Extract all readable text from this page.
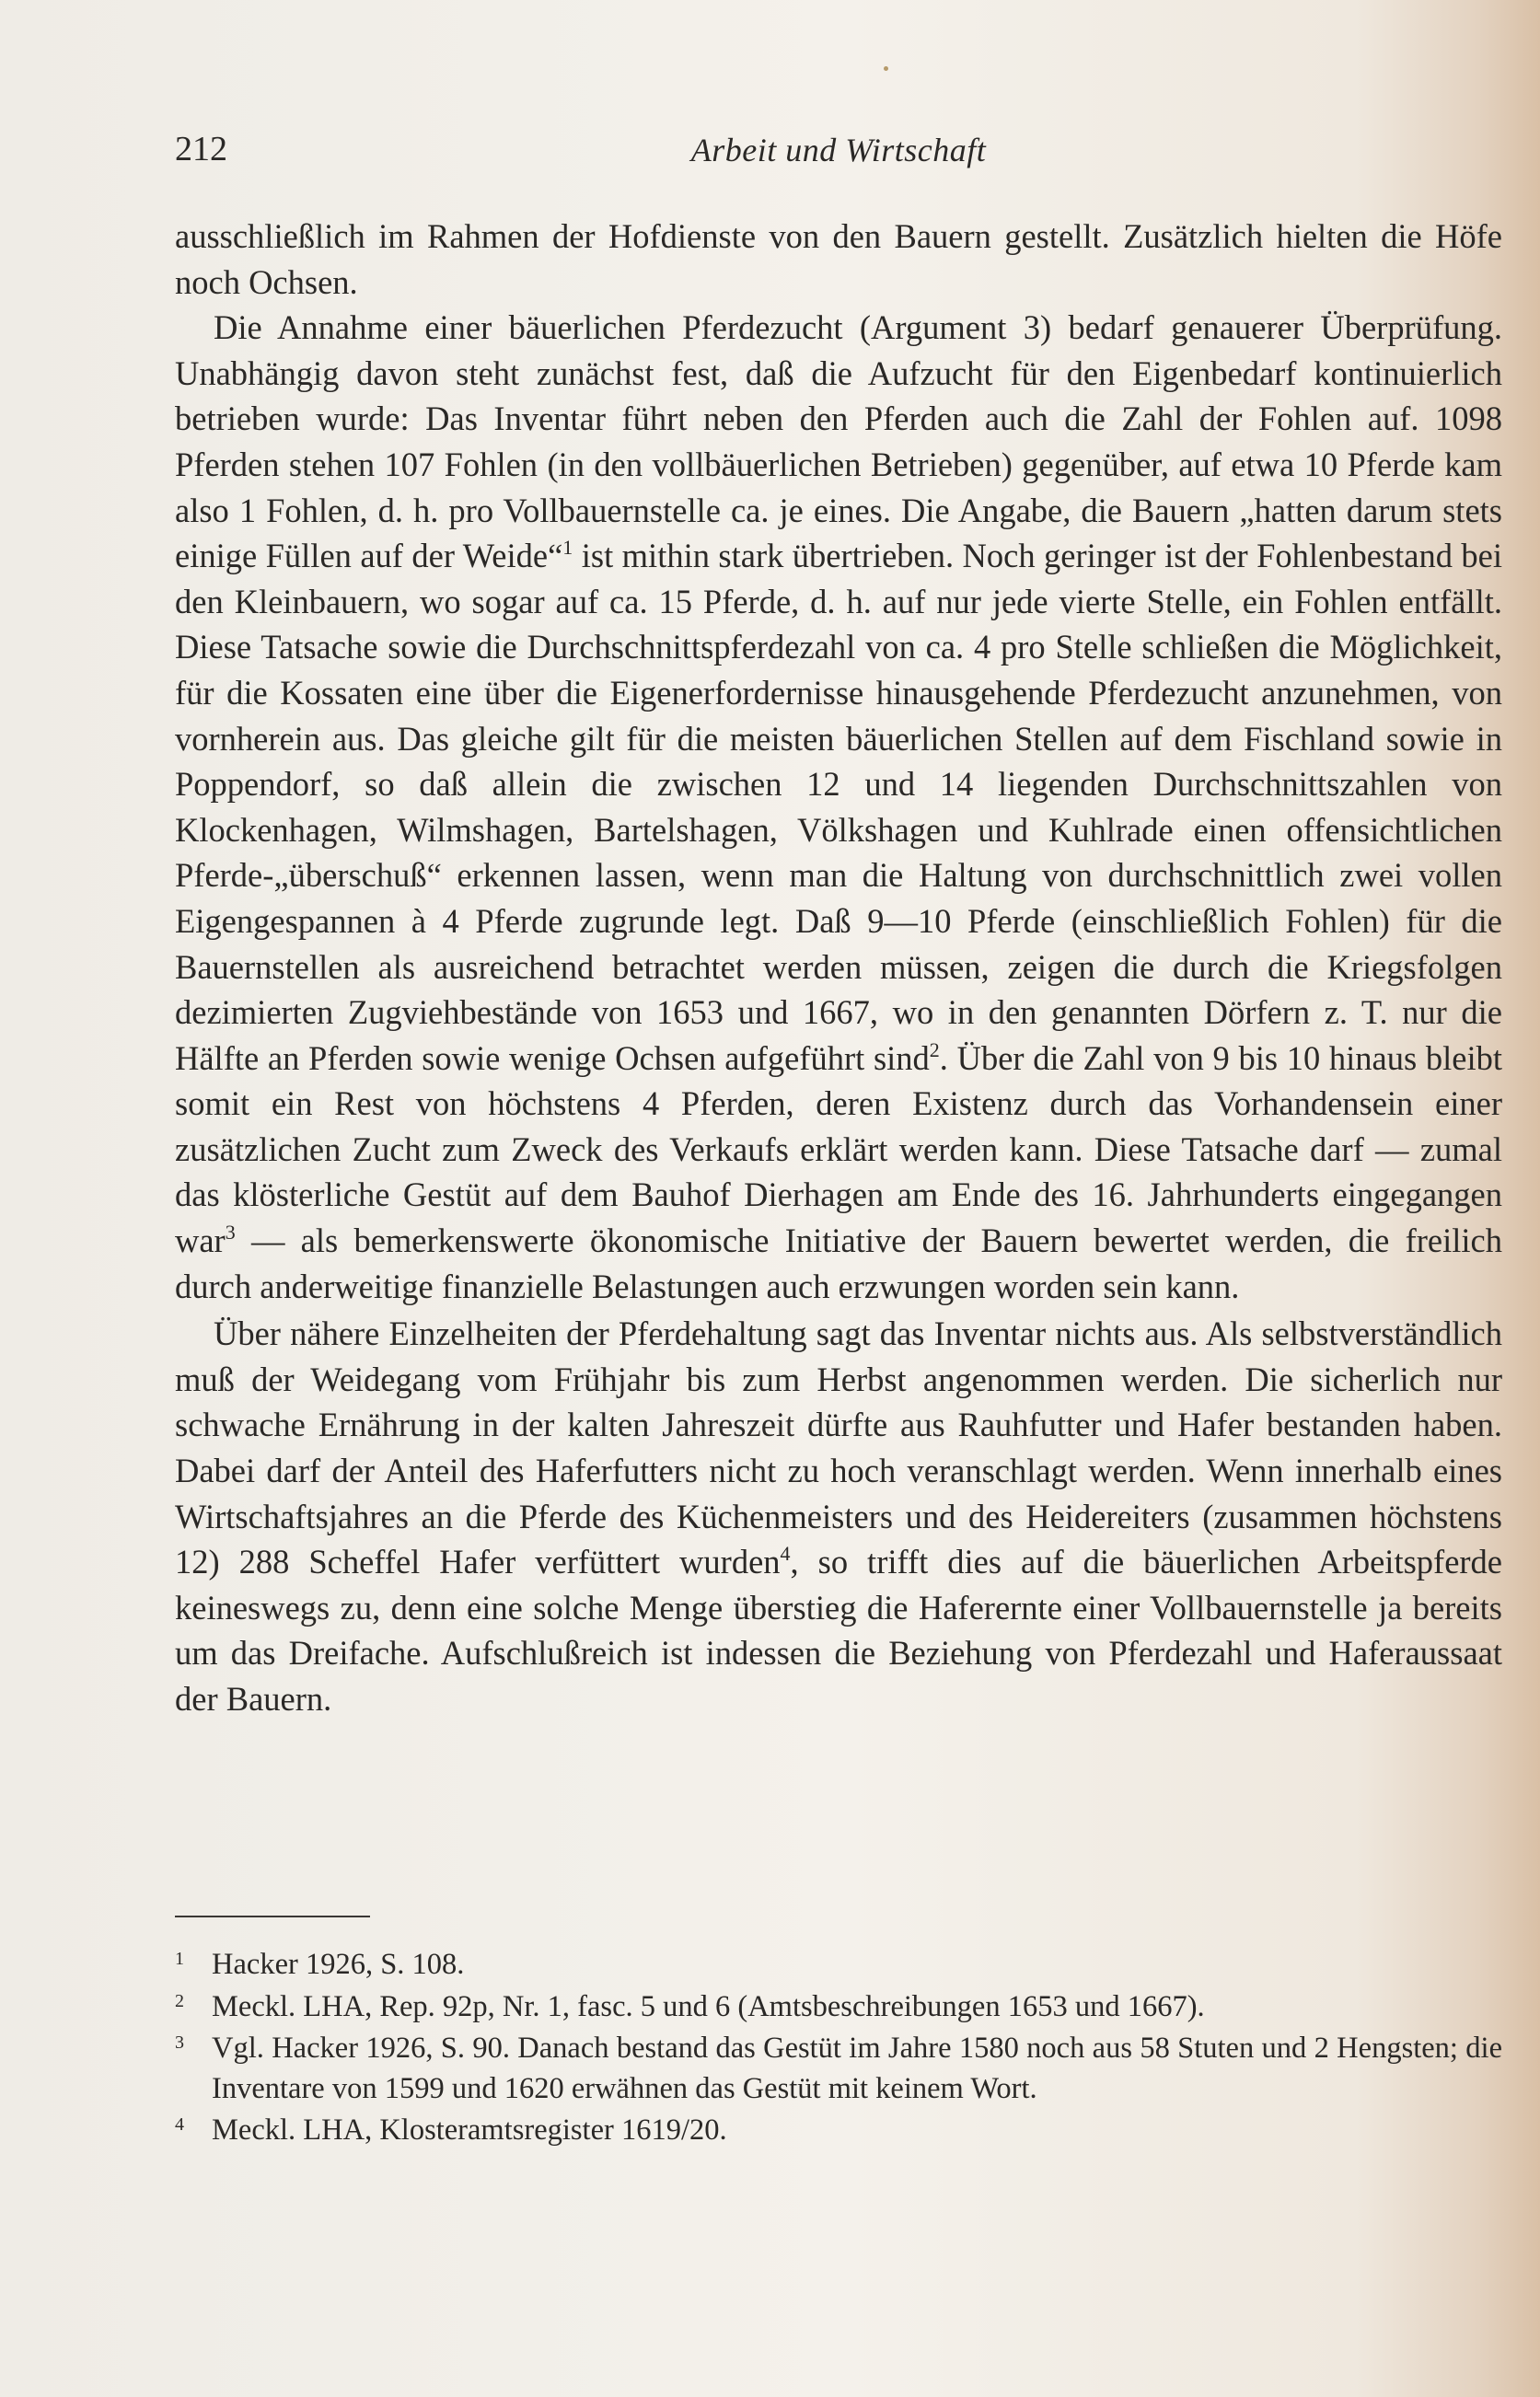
212	Arbeit und Wirtschaft

ausschließlich im Rahmen der Hofdienste von den Bauern gestellt. Zusätzlich hielten die Höfe noch Ochsen.

Die Annahme einer bäuerlichen Pferdezucht (Argument 3) bedarf genauerer Überprüfung. Unabhängig davon steht zunächst fest, daß die Aufzucht für den Eigenbedarf kontinuierlich betrieben wurde: Das Inventar führt neben den Pferden auch die Zahl der Fohlen auf. 1098 Pferden stehen 107 Fohlen (in den vollbäuerlichen Betrieben) gegenüber, auf etwa 10 Pferde kam also 1 Fohlen, d. h. pro Vollbauernstelle ca. je eines. Die Angabe, die Bauern „hatten darum stets einige Füllen auf der Weide“$^1$ ist mithin stark übertrieben. Noch geringer ist der Fohlenbestand bei den Kleinbauern, wo sogar auf ca. 15 Pferde, d. h. auf nur jede vierte Stelle, ein Fohlen entfällt. Diese Tatsache sowie die Durchschnittspferdezahl von ca. 4 pro Stelle schließen die Möglichkeit, für die Kossaten eine über die Eigenerfordernisse hinausgehende Pferdezucht anzunehmen, von vornherein aus. Das gleiche gilt für die meisten bäuerlichen Stellen auf dem Fischland sowie in Poppendorf, so daß allein die zwischen 12 und 14 liegenden Durchschnittszahlen von Klockenhagen, Wilmshagen, Bartelshagen, Völkshagen und Kuhlrade einen offensichtlichen Pferde-„überschuß“ erkennen lassen, wenn man die Haltung von durchschnittlich zwei vollen Eigengespannen à 4 Pferde zugrunde legt. Daß 9—10 Pferde (einschließlich Fohlen) für die Bauernstellen als ausreichend betrachtet werden müssen, zeigen die durch die Kriegsfolgen dezimierten Zugviehbestände von 1653 und 1667, wo in den genannten Dörfern z. T. nur die Hälfte an Pferden sowie wenige Ochsen aufgeführt sind$^2$. Über die Zahl von 9 bis 10 hinaus bleibt somit ein Rest von höchstens 4 Pferden, deren Existenz durch das Vorhandensein einer zusätzlichen Zucht zum Zweck des Verkaufs erklärt werden kann. Diese Tatsache darf — zumal das klösterliche Gestüt auf dem Bauhof Dierhagen am Ende des 16. Jahrhunderts eingegangen war$^3$ — als bemerkenswerte ökonomische Initiative der Bauern bewertet werden, die freilich durch anderweitige finanzielle Belastungen auch erzwungen worden sein kann.

Über nähere Einzelheiten der Pferdehaltung sagt das Inventar nichts aus. Als selbstverständlich muß der Weidegang vom Frühjahr bis zum Herbst angenommen werden. Die sicherlich nur schwache Ernährung in der kalten Jahreszeit dürfte aus Rauhfutter und Hafer bestanden haben. Dabei darf der Anteil des Haferfutters nicht zu hoch veranschlagt werden. Wenn innerhalb eines Wirtschaftsjahres an die Pferde des Küchenmeisters und des Heidereiters (zusammen höchstens 12) 288 Scheffel Hafer verfüttert wurden$^4$, so trifft dies auf die bäuerlichen Arbeitspferde keineswegs zu, denn eine solche Menge überstieg die Haferernte einer Vollbauernstelle ja bereits um das Dreifache. Aufschlußreich ist indessen die Beziehung von Pferdezahl und Haferaussaat der Bauern.

1 Hacker 1926, S. 108.
2 Meckl. LHA, Rep. 92p, Nr. 1, fasc. 5 und 6 (Amtsbeschreibungen 1653 und 1667).
3 Vgl. Hacker 1926, S. 90. Danach bestand das Gestüt im Jahre 1580 noch aus 58 Stuten und 2 Hengsten; die Inventare von 1599 und 1620 erwähnen das Gestüt mit keinem Wort.
4 Meckl. LHA, Klosteramtsregister 1619/20.
